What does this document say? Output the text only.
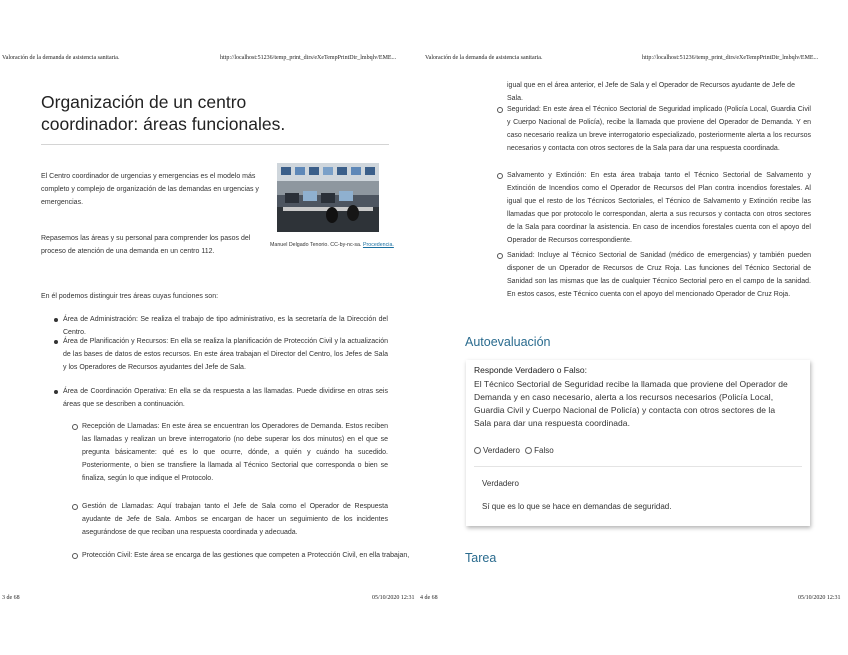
Valoración de la demanda de asistencia sanitaria.	http://localhost:51236/temp_print_dirs/eXeTempPrintDir_lmbqlv/EME...	Valoración de la demanda de asistencia sanitaria.	http://localhost:51236/temp_print_dirs/eXeTempPrintDir_lmbqlv/EME...
3 de 68	05/10/2020 12:31 4 de 68	05/10/2020 12:31
Organización de un centro coordinador: áreas funcionales.
El Centro coordinador de urgencias y emergencias es el modelo más completo y complejo de organización de las demandas en urgencias y emergencias.
Manuel Delgado Tenorio. CC-by-nc-sa. Procedencia.
Repasemos las áreas y su personal para comprender los pasos del proceso de atención de una demanda en un centro 112.
En él podemos distinguir tres áreas cuyas funciones son:
Área de Administración: Se realiza el trabajo de tipo administrativo, es la secretaría de la Dirección del Centro.
Área de Planificación y Recursos: En ella se realiza la planificación de Protección Civil y la actualización de las bases de datos de estos recursos. En este área trabajan el Director del Centro, los Jefes de Sala y los Operadores de Recursos ayudantes del Jefe de Sala.
Área de Coordinación Operativa: En ella se da respuesta a las llamadas. Puede dividirse en otras seis áreas que se describen a continuación.
Recepción de Llamadas: En este área se encuentran los Operadores de Demanda. Estos reciben las llamadas y realizan un breve interrogatorio (no debe superar los dos minutos) en el que se pregunta básicamente: qué es lo que ocurre, dónde, a quién y cuándo ha sucedido. Posteriormente, o bien se transfiere la llamada al Técnico Sectorial que corresponda o bien se finaliza, según lo que indique el Protocolo.
Gestión de Llamadas: Aquí trabajan tanto el Jefe de Sala como el Operador de Respuesta ayudante de Jefe de Sala. Ambos se encargan de hacer un seguimiento de los incidentes asegurándose de que reciban una respuesta coordinada y adecuada.
Protección Civil: Este área se encarga de las gestiones que competen a Protección Civil, en ella trabajan,
igual que en el área anterior, el Jefe de Sala y el Operador de Recursos ayudante de Jefe de Sala.
Seguridad: En este área el Técnico Sectorial de Seguridad implicado (Policía Local, Guardia Civil y Cuerpo Nacional de Policía), recibe la llamada que proviene del Operador de Demanda. Y en caso necesario realiza un breve interrogatorio especializado, posteriormente alerta a los recursos necesarios y contacta con otros sectores de la Sala para dar una respuesta coordinada.
Salvamento y Extinción: En esta área trabaja tanto el Técnico Sectorial de Salvamento y Extinción de Incendios como el Operador de Recursos del Plan contra incendios forestales. Al igual que el resto de los Técnicos Sectoriales, el Técnico de Salvamento y Extinción recibe las llamadas que por protocolo le correspondan, alerta a sus recursos y contacta con otros sectores de la Sala para coordinar la asistencia. En caso de incendios forestales cuenta con el apoyo del Operador de Recursos correspondiente.
Sanidad: Incluye al Técnico Sectorial de Sanidad (médico de emergencias) y también pueden disponer de un Operador de Recursos de Cruz Roja. Las funciones del Técnico Sectorial de Sanidad son las mismas que las de cualquier Técnico Sectorial pero en el campo de la sanidad. En estos casos, este Técnico cuenta con el apoyo del mencionado Operador de Cruz Roja.
Autoevaluación
Responde Verdadero o Falso:
El Técnico Sectorial de Seguridad recibe la llamada que proviene del Operador de Demanda y en caso necesario, alerta a los recursos necesarios (Policía Local, Guardia Civil y Cuerpo Nacional de Policía) y contacta con otros sectores de la Sala para dar una respuesta coordinada.
Verdadero Falso
Verdadero
Sí que es lo que se hace en demandas de seguridad.
Tarea
